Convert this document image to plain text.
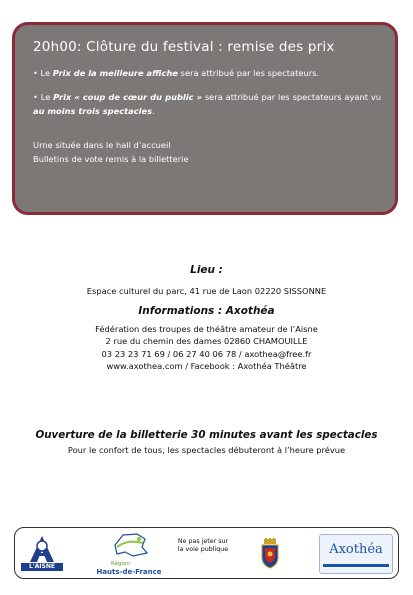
20h00: Clôture du festival : remise des prix
• Le Prix de la meilleure affiche sera attribué par les spectateurs.
• Le Prix « coup de cœur du public » sera attribué par les spectateurs ayant vu au moins trois spectacles.
Urne située dans le hall d’accueil
Bulletins de vote remis à la billetterie
Lieu :
Espace culturel du parc, 41 rue de Laon 02220 SISSONNE
Informations : Axothéa
Fédération des troupes de théâtre amateur de l’Aisne
2 rue du chemin des dames 02860 CHAMOUILLE
03 23 23 71 69 / 06 27 40 06 78 / axothea@free.fr
www.axothea.com / Facebook : Axothéa Théâtre
Ouverture de la billetterie 30 minutes avant les spectacles
Pour le confort de tous, les spectacles débuteront à l’heure prévue
L'AISNE	Région
Hauts-de-France
Ne pas jeter sur la voie publique	Axothéa
